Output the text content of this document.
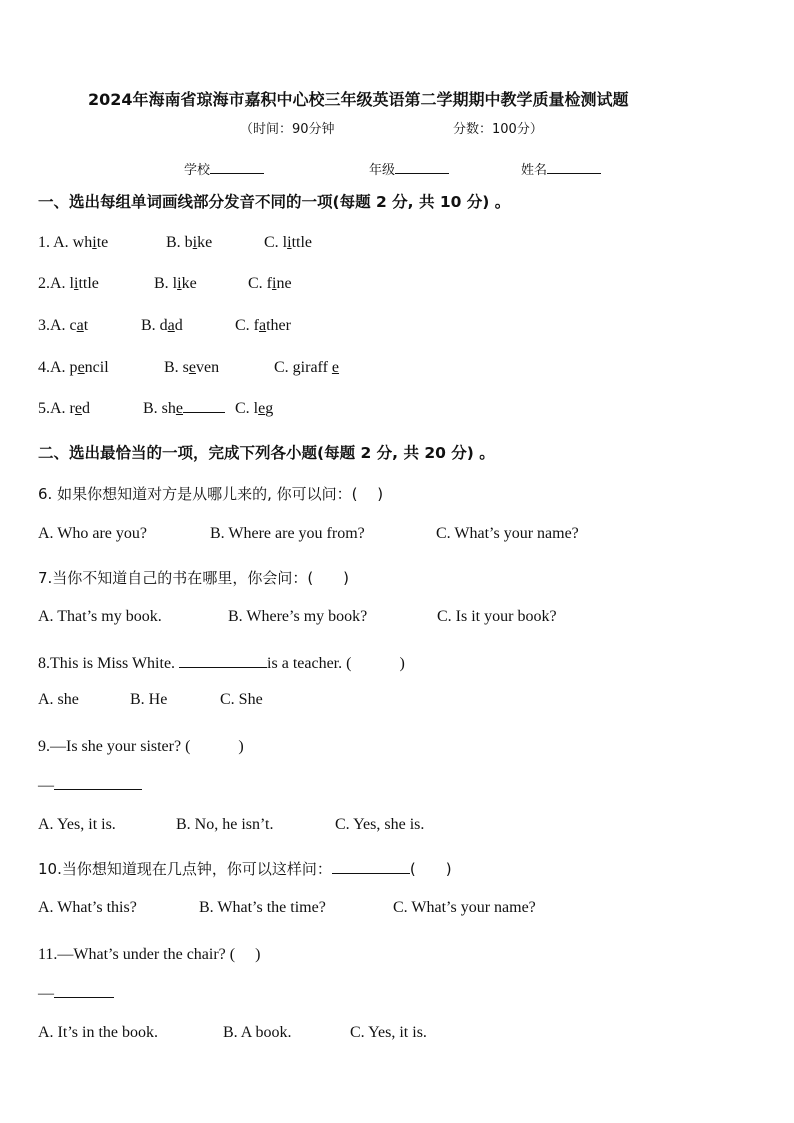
2024年海南省琼海市嘉积中心校三年级英语第二学期期中教学质量检测试题
（时间：90分钟	分数：100分）
学校	年级	姓名
一、选出每组单词画线部分发音不同的一项(每题 2 分, 共 10 分) 。
1. A. white	B. bike	C. little
2.A. little	B. like	C. fine
3.A. cat	B. dad	C. father
4.A. pencil	B. seven	C. giraff e
5.A. red	B. she	C. leg
二、选出最恰当的一项，完成下列各小题(每题 2 分, 共 20 分) 。
6. 如果你想知道对方是从哪儿来的, 你可以问：(　 )
A. Who are you?	B. Where are you from?	C. What’s your name?
7.当你不知道自己的书在哪里，你会问：(　　)
A. That’s my book.	B. Where’s my book?	C. Is it your book?
8.This is Miss White.	is a teacher. (　　　)
A. she	B. He	C. She
9.—Is she your sister? (　　　)
—
A. Yes, it is.	B. No, he isn’t.	C. Yes, she is.
10.当你想知道现在几点钟，你可以这样问：	(　　)
A. What’s this?	B. What’s the time?	C. What’s your name?
11.—What’s under the chair? (　 )
—
A. It’s in the book.	B. A book.	C. Yes, it is.
